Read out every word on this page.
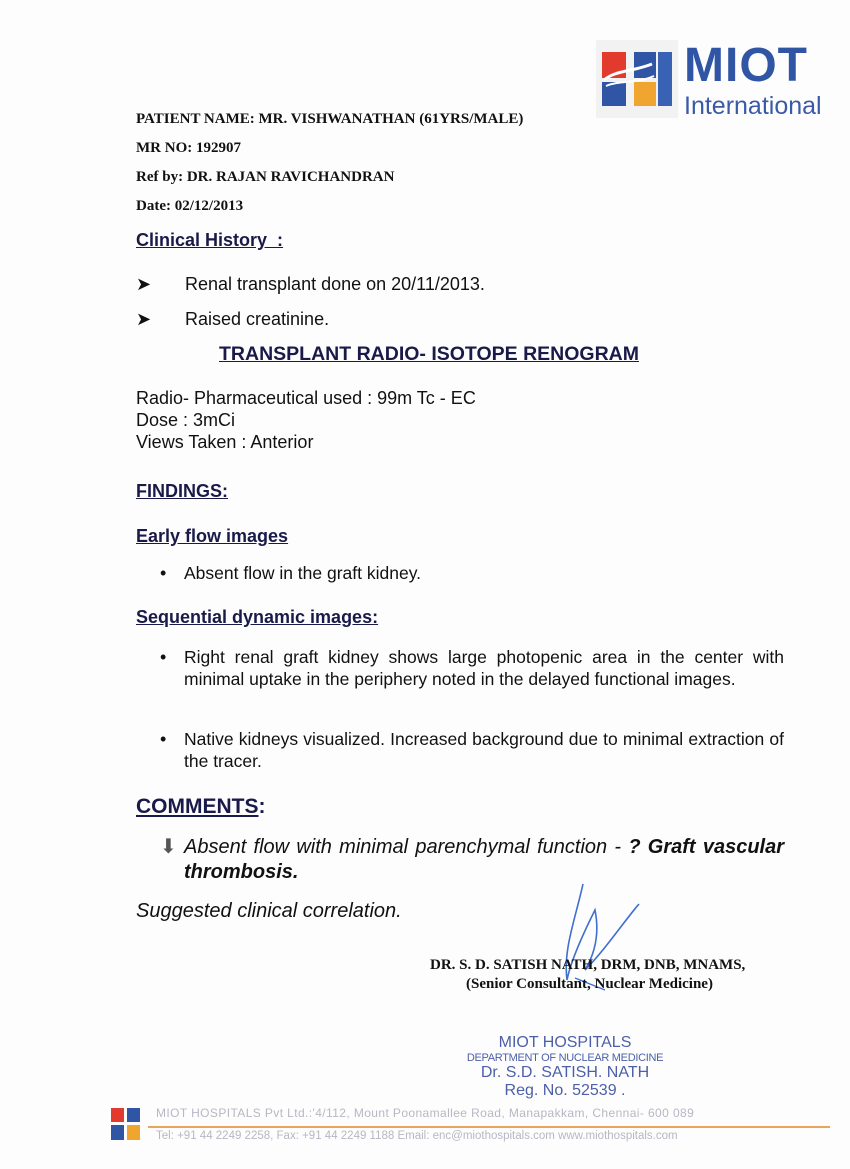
MIOT
International
PATIENT NAME: MR. VISHWANATHAN (61YRS/MALE)
MR NO: 192907
Ref by: DR. RAJAN RAVICHANDRAN
Date: 02/12/2013
Clinical History  :
➤	Renal transplant done on 20/11/2013.
➤	Raised creatinine.
TRANSPLANT RADIO- ISOTOPE RENOGRAM
Radio- Pharmaceutical used : 99m Tc - EC
Dose : 3mCi
Views Taken : Anterior
FINDINGS:
Early flow images
•	Absent flow in the graft kidney.
Sequential dynamic images:
•	Right renal graft kidney shows large photopenic area in the center with minimal uptake in the periphery noted in the delayed functional images.
•	Native kidneys visualized. Increased background due to minimal extraction of the tracer.
COMMENTS:
⬇ Absent flow with minimal parenchymal function - ? Graft vascular thrombosis.
Suggested clinical correlation.
DR. S. D. SATISH NATH, DRM, DNB, MNAMS,
(Senior Consultant, Nuclear Medicine)
MIOT HOSPITALS
DEPARTMENT OF NUCLEAR MEDICINE
Dr. S.D. SATISH. NATH
Reg. No. 52539 .
MIOT HOSPITALS Pvt Ltd.:'4/112, Mount Poonamallee Road, Manapakkam, Chennai- 600 089
Tel: +91 44 2249 2258, Fax: +91 44 2249 1188 Email: enc@miothospitals.com www.miothospitals.com
